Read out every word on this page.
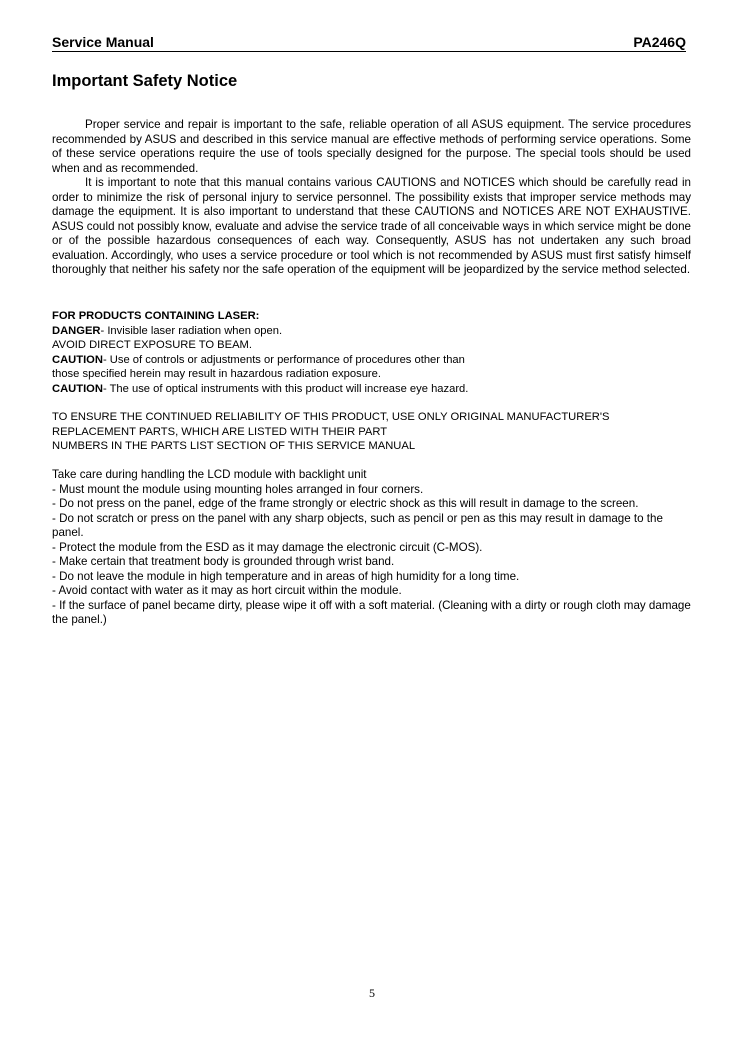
Service Manual	PA246Q
Important Safety Notice

Proper service and repair is important to the safe, reliable operation of all ASUS equipment. The service procedures recommended by ASUS and described in this service manual are effective methods of performing service operations. Some of these service operations require the use of tools specially designed for the purpose. The special tools should be used when and as recommended.

It is important to note that this manual contains various CAUTIONS and NOTICES which should be carefully read in order to minimize the risk of personal injury to service personnel. The possibility exists that improper service methods may damage the equipment. It is also important to understand that these CAUTIONS and NOTICES ARE NOT EXHAUSTIVE. ASUS could not possibly know, evaluate and advise the service trade of all conceivable ways in which service might be done or of the possible hazardous consequences of each way. Consequently, ASUS has not undertaken any such broad evaluation. Accordingly, who uses a service procedure or tool which is not recommended by ASUS must first satisfy himself thoroughly that neither his safety nor the safe operation of the equipment will be jeopardized by the service method selected.

FOR PRODUCTS CONTAINING LASER:
DANGER- Invisible laser radiation when open.
AVOID DIRECT EXPOSURE TO BEAM.
CAUTION- Use of controls or adjustments or performance of procedures other than
those specified herein may result in hazardous radiation exposure.
CAUTION- The use of optical instruments with this product will increase eye hazard.
TO ENSURE THE CONTINUED RELIABILITY OF THIS PRODUCT, USE ONLY ORIGINAL MANUFACTURER'S
REPLACEMENT PARTS, WHICH ARE LISTED WITH THEIR PART
NUMBERS IN THE PARTS LIST SECTION OF THIS SERVICE MANUAL
Take care during handling the LCD module with backlight unit
- Must mount the module using mounting holes arranged in four corners.
- Do not press on the panel, edge of the frame strongly or electric shock as this will result in damage to the screen.
- Do not scratch or press on the panel with any sharp objects, such as pencil or pen as this may result in damage to the panel.
- Protect the module from the ESD as it may damage the electronic circuit (C-MOS).
- Make certain that treatment body is grounded through wrist band.
- Do not leave the module in high temperature and in areas of high humidity for a long time.
- Avoid contact with water as it may as hort circuit within the module.
- If the surface of panel became dirty, please wipe it off with a soft material. (Cleaning with a dirty or rough cloth may damage the panel.)
5
